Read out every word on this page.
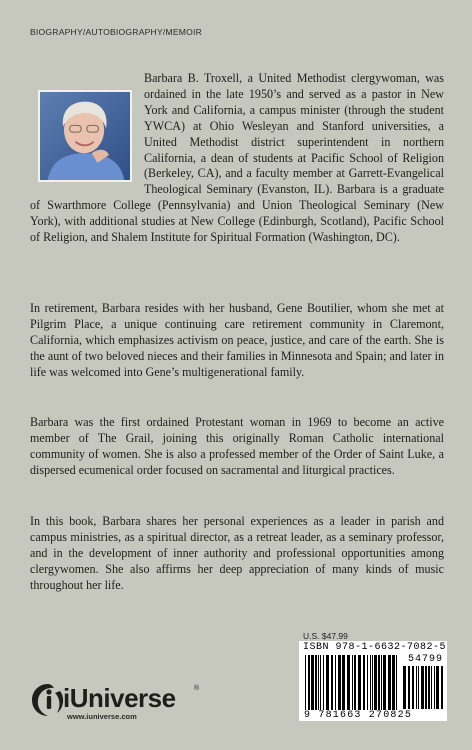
BIOGRAPHY/AUTOBIOGRAPHY/MEMOIR
Barbara B. Troxell, a United Methodist clergywoman, was ordained in the late 1950’s and served as a pastor in New York and California, a campus minister (through the student YWCA) at Ohio Wesleyan and Stanford universities, a United Methodist district superintendent in northern California, a dean of students at Pacific School of Religion (Berkeley, CA), and a faculty member at Garrett-Evangelical Theological Seminary (Evanston, IL). Barbara is a graduate of Swarthmore College (Pennsylvania) and Union Theological Seminary (New York), with additional studies at New College (Edinburgh, Scotland), Pacific School of Religion, and Shalem Institute for Spiritual Formation (Washington, DC).

In retirement, Barbara resides with her husband, Gene Boutilier, whom she met at Pilgrim Place, a unique continuing care retirement community in Claremont, California, which emphasizes activism on peace, justice, and care of the earth. She is the aunt of two beloved nieces and their families in Minnesota and Spain; and later in life was welcomed into Gene’s multigenerational family.

Barbara was the first ordained Protestant woman in 1969 to become an active member of The Grail, joining this originally Roman Catholic international community of women. She is also a professed member of the Order of Saint Luke, a dispersed ecumenical order focused on sacramental and liturgical practices.

In this book, Barbara shares her personal experiences as a leader in parish and campus ministries, as a spiritual director, as a retreat leader, as a seminary professor, and in the development of inner authority and professional opportunities among clergywomen. She also affirms her deep appreciation of many kinds of music throughout her life.

U.S. $47.99
ISBN 978-1-6632-7082-5
54799
9 781663 270825
iUniverse	®
www.iuniverse.com
